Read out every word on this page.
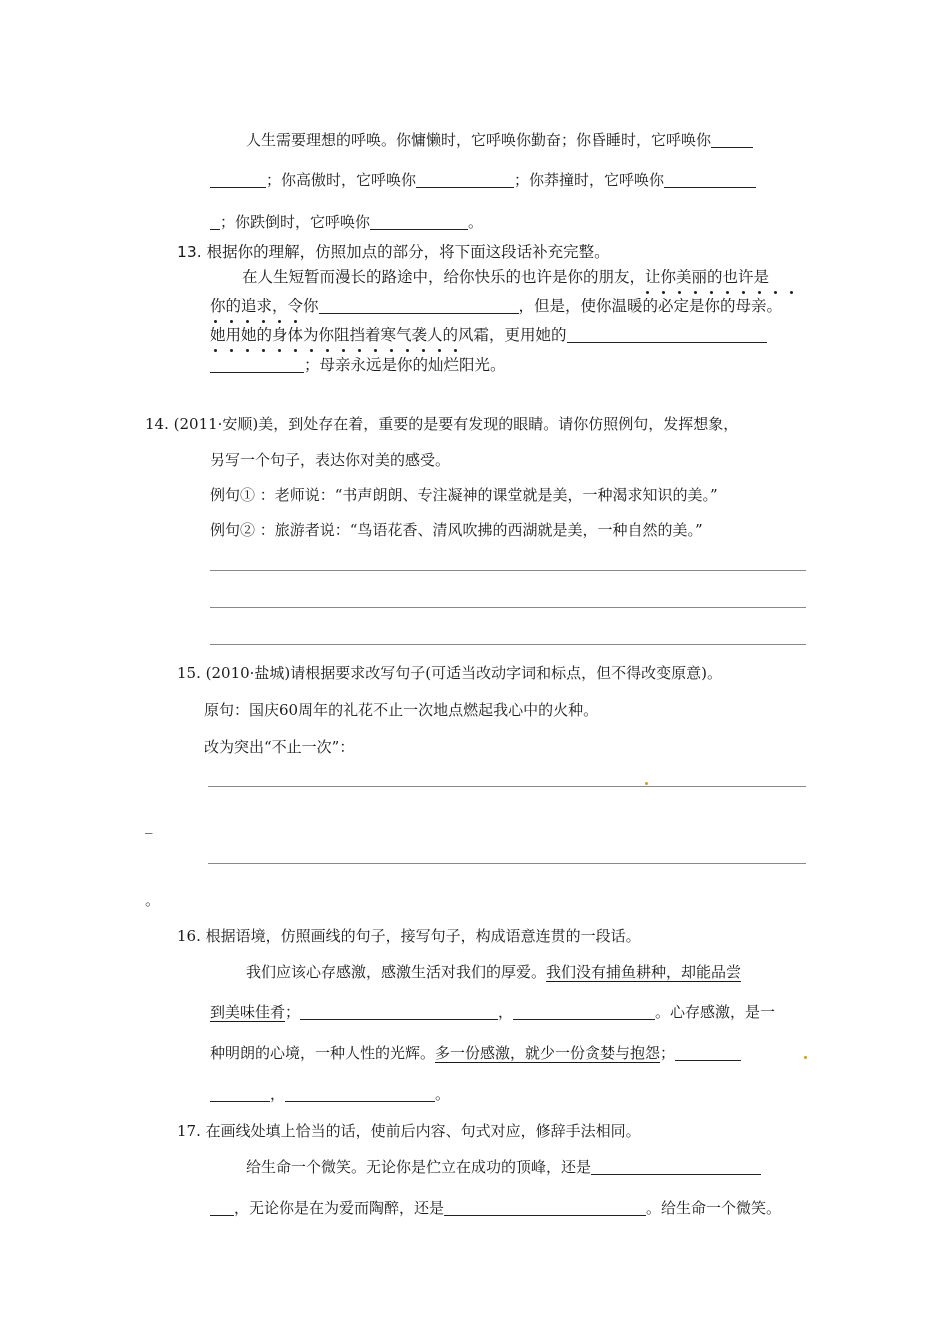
人生需要理想的呼唤。你慵懒时，它呼唤你勤奋；你昏睡时，它呼唤你
；你高傲时，它呼唤你	；你莽撞时，它呼唤你
；你跌倒时，它呼唤你	。
13. 根据你的理解，仿照加点的部分，将下面这段话补充完整。
在人生短暂而漫长的路途中，给你快乐的也许是你的朋友，让你美丽的也许是
你的追求，令你	，但是，使你温暖的必定是你的母亲。
她用她的身体为你阻挡着寒气袭人的风霜，更用她的
；母亲永远是你的灿烂阳光。
14. (2011·安顺)美，到处存在着，重要的是要有发现的眼睛。请你仿照例句，发挥想象，
另写一个句子，表达你对美的感受。
例句① ：老师说：“书声朗朗、专注凝神的课堂就是美，一种渴求知识的美。”
例句② ：旅游者说：“鸟语花香、清风吹拂的西湖就是美，一种自然的美。”
15. (2010·盐城)请根据要求改写句子(可适当改动字词和标点，但不得改变原意)。
原句：国庆60周年的礼花不止一次地点燃起我心中的火种。
改为突出“不止一次”：
_
。
16. 根据语境，仿照画线的句子，接写句子，构成语意连贯的一段话。
我们应该心存感激，感激生活对我们的厚爱。我们没有捕鱼耕种，却能品尝
到美味佳肴；	，	。心存感激，是一
种明朗的心境，一种人性的光辉。多一份感激，就少一份贪婪与抱怨；
，	。
17. 在画线处填上恰当的话，使前后内容、句式对应，修辞手法相同。
给生命一个微笑。无论你是伫立在成功的顶峰，还是
，无论你是在为爱而陶醉，还是	。给生命一个微笑。
